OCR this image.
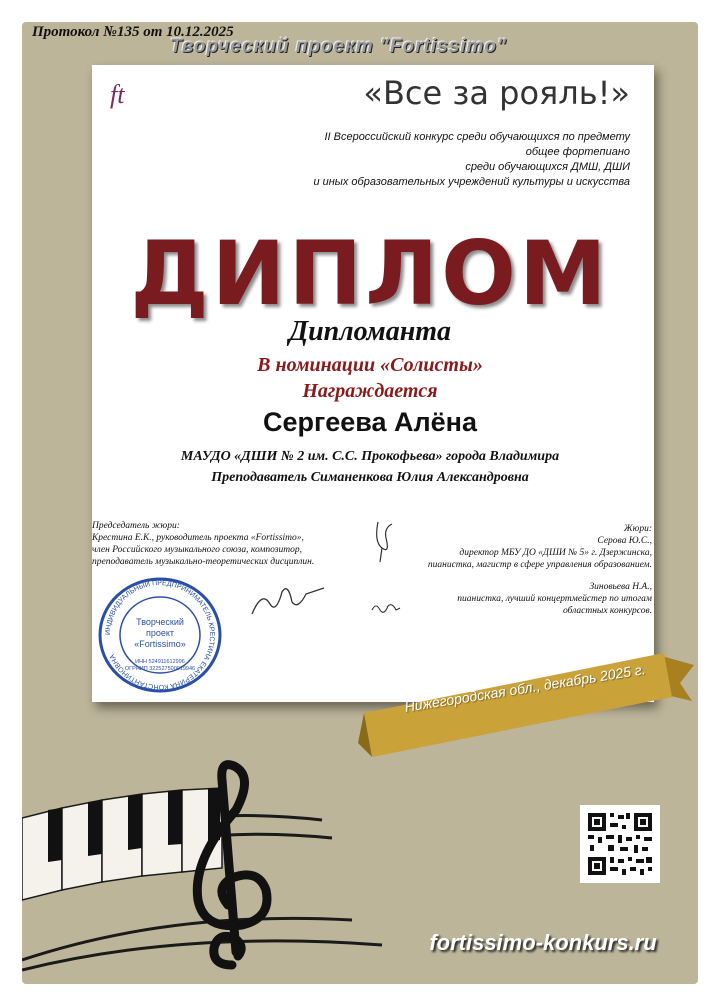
Протокол №135 от 10.12.2025
Творческий проект "Fortissimo"
ft	«Все за рояль!»
II Всероссийский конкурс среди обучающихся по предмету
общее фортепиано
среди обучающихся ДМШ, ДШИ
и иных образовательных учреждений культуры и искусства
ДИПЛОМ
Дипломанта
В номинации «Солисты»
Награждается
Сергеева Алёна
МАУДО «ДШИ № 2 им. С.С. Прокофьева» города Владимира
Преподаватель Симаненкова Юлия Александровна
Председатель жюри:
Крестина Е.К., руководитель проекта «Fortissimo»,
член Российского музыкального союза, композитор,
преподаватель музыкально-теоретических дисциплин.
Жюри:
Серова Ю.С.,
директор МБУ ДО «ДШИ № 5» г. Дзержинска,
пианистка, магистр в сфере управления образованием.
Зиновьева Н.А.,
пианистка, лучший концертмейстер по итогам
областных конкурсов.
ИНДИВИДУАЛЬНЫЙ ПРЕДПРИНИМАТЕЛЬ КРЕСТИНА ЕКАТЕРИНА КОНСТАНТИНОВНА
Творческий
проект
«Fortissimo»
ИНН 524911612996
ОГРНИП 322527500019946	Нижегородская обл., декабрь 2025 г.
fortissimo-konkurs.ru
